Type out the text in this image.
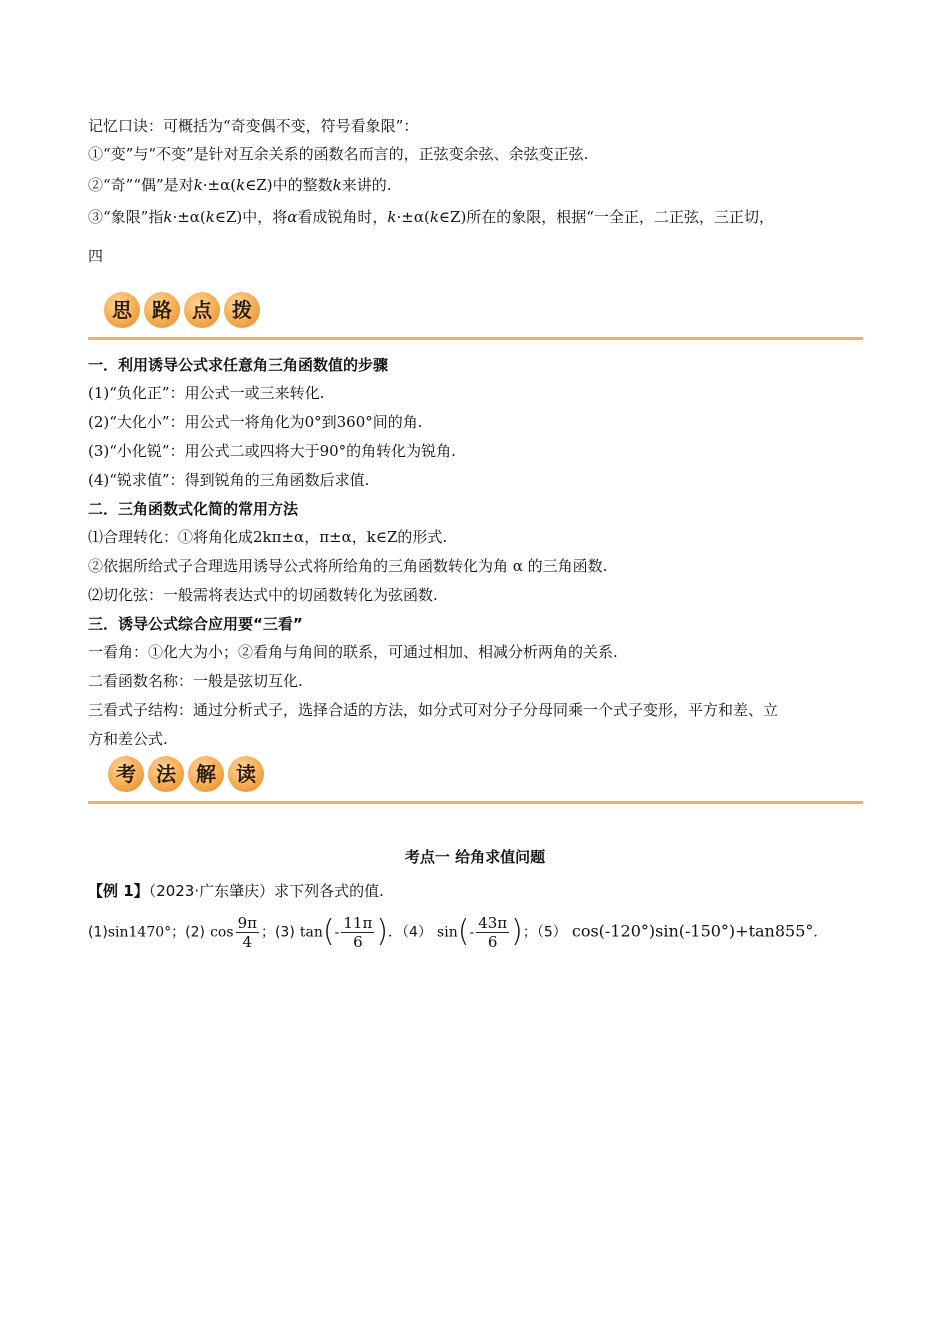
记忆口诀：可概括为“奇变偶不变，符号看象限”：
①“变”与“不变”是针对互余关系的函数名而言的，正弦变余弦、余弦变正弦.
②“奇”“偶”是对k·±α(k∈Z)中的整数k来讲的.
③“象限”指k·±α(k∈Z)中，将α看成锐角时，k·±α(k∈Z)所在的象限，根据“一全正，二正弦，三正切，
四
思	路	点	拨
一．利用诱导公式求任意角三角函数值的步骤
(1)“负化正”：用公式一或三来转化.
(2)“大化小”：用公式一将角化为0°到360°间的角.
(3)“小化锐”：用公式二或四将大于90°的角转化为锐角.
(4)“锐求值”：得到锐角的三角函数后求值.
二．三角函数式化简的常用方法
⑴合理转化：①将角化成2kπ±α，π±α，k∈Z的形式.
②依据所给式子合理选用诱导公式将所给角的三角函数转化为角 α 的三角函数.
⑵切化弦：一般需将表达式中的切函数转化为弦函数.
三．诱导公式综合应用要“三看”
一看角：①化大为小；②看角与角间的联系，可通过相加、相减分析两角的关系.
二看函数名称：一般是弦切互化.
三看式子结构：通过分析式子，选择合适的方法，如分式可对分子分母同乘一个式子变形，平方和差、立
方和差公式.
考	法	解	读
考点一 给角求值问题
【例 1】（2023·广东肇庆）求下列各式的值.
(1)sin1470°；(2) $\cos \frac{9\pi}{4}$ ；(3) $\tan(- \frac{11\pi}{6}$ )．（4） $\sin(- \frac{43\pi}{6}$ )；（5） cos(-120°)sin(-150°)+tan855°.
